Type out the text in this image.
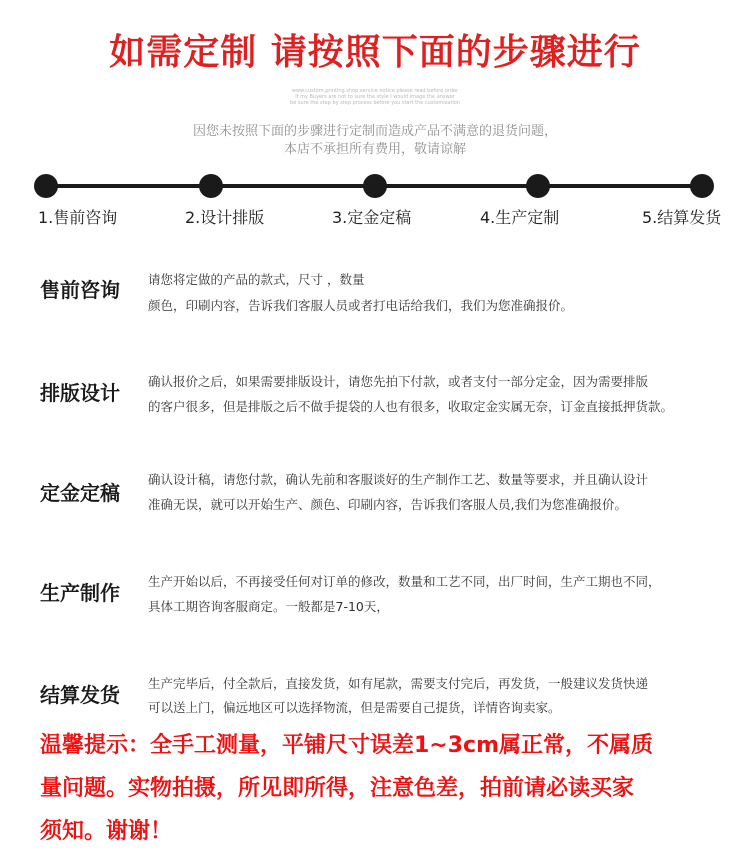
如需定制 请按照下面的步骤进行
www.custom.printing.shop service notice please read before order
If my Buyers are not to sure the style I would image the answer
be sure the step by step process before you start the customization
因您未按照下面的步骤进行定制而造成产品不满意的退货问题，
本店不承担所有费用，敬请谅解
1.售前咨询	2.设计排版	3.定金定稿	4.生产定制	5.结算发货
售前咨询 请您将定做的产品的款式，尺寸 ，数量
颜色，印刷内容，告诉我们客服人员或者打电话给我们，我们为您准确报价。
排版设计 确认报价之后，如果需要排版设计，请您先拍下付款，或者支付一部分定金，因为需要排版
的客户很多，但是排版之后不做手提袋的人也有很多，收取定金实属无奈，订金直接抵押货款。
定金定稿
确认设计稿，请您付款，确认先前和客服谈好的生产制作工艺、数量等要求，并且确认设计
准确无误，就可以开始生产、颜色、印刷内容，告诉我们客服人员,我们为您准确报价。
生产制作 生产开始以后，不再接受任何对订单的修改，数量和工艺不同，出厂时间，生产工期也不同，
具体工期咨询客服商定。一般都是7-10天，
结算发货 生产完毕后，付全款后，直接发货，如有尾款，需要支付完后，再发货，一般建议发货快递
可以送上门，偏远地区可以选择物流，但是需要自己提货，详情咨询卖家。
温馨提示：全手工测量，平铺尺寸误差1~3cm属正常，不属质
量问题。实物拍摄，所见即所得，注意色差，拍前请必读买家
须知。谢谢！
